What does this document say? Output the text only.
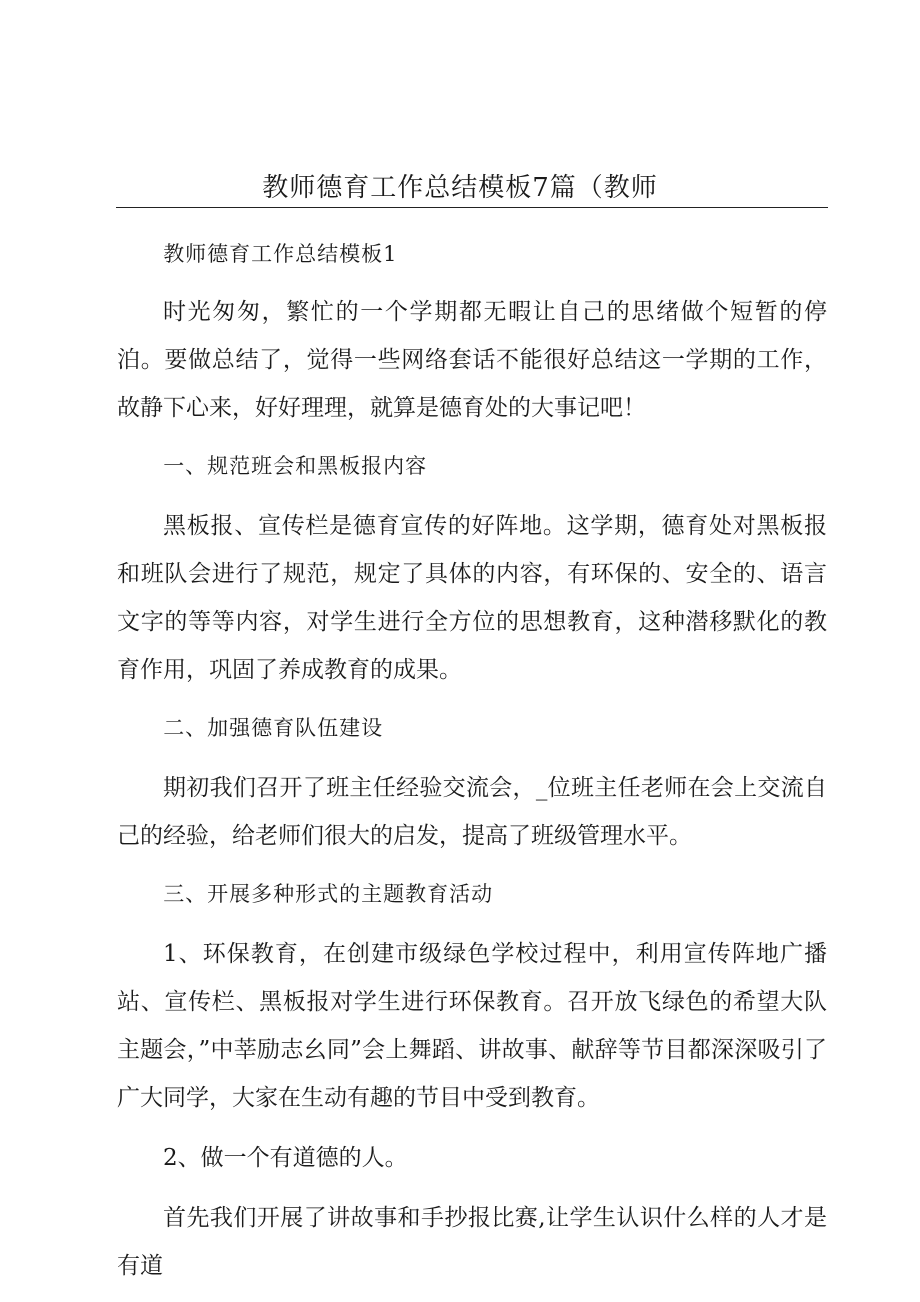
教师德育工作总结模板7篇（教师

教师德育工作总结模板1

时光匆匆，繁忙的一个学期都无暇让自己的思绪做个短暂的停泊。要做总结了，觉得一些网络套话不能很好总结这一学期的工作，故静下心来，好好理理，就算是德育处的大事记吧！

一、规范班会和黑板报内容

黑板报、宣传栏是德育宣传的好阵地。这学期，德育处对黑板报和班队会进行了规范，规定了具体的内容，有环保的、安全的、语言文字的等等内容，对学生进行全方位的思想教育，这种潜移默化的教育作用，巩固了养成教育的成果。

二、加强德育队伍建设

期初我们召开了班主任经验交流会，_位班主任老师在会上交流自己的经验，给老师们很大的启发，提高了班级管理水平。

三、开展多种形式的主题教育活动

1、环保教育，在创建市级绿色学校过程中，利用宣传阵地广播站、宣传栏、黑板报对学生进行环保教育。召开放飞绿色的希望大队主题会，”中莘励志幺同”会上舞蹈、讲故事、献辞等节目都深深吸引了广大同学，大家在生动有趣的节目中受到教育。

2、做一个有道德的人。

首先我们开展了讲故事和手抄报比赛,让学生认识什么样的人才是有道
